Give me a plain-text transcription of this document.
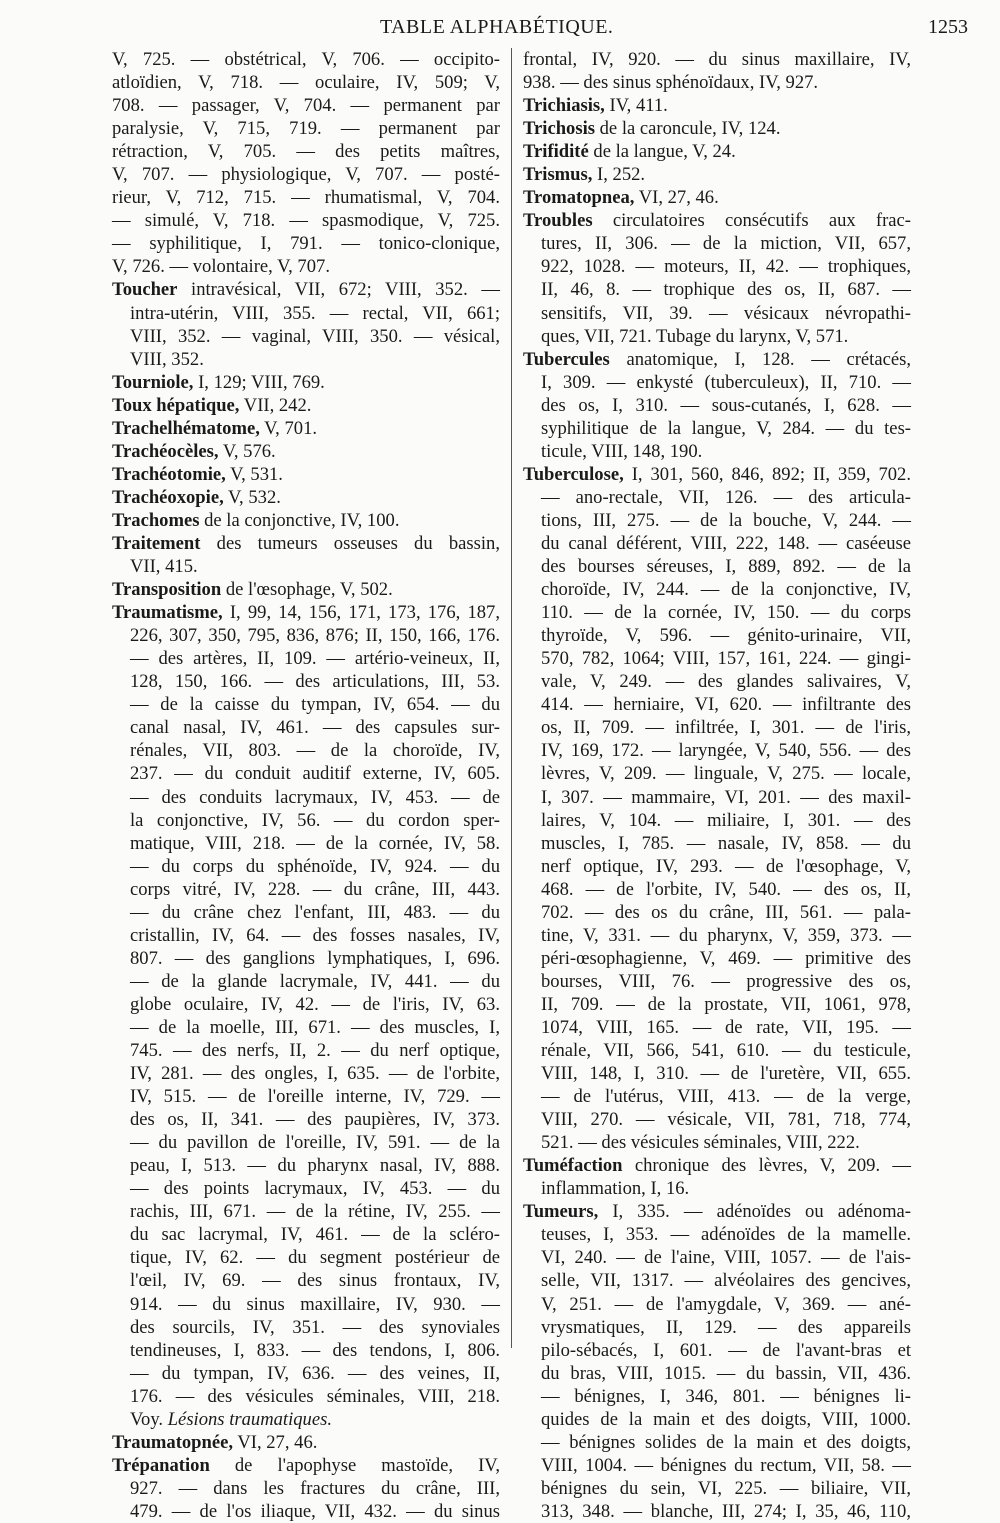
TABLE ALPHABÉTIQUE.	1253
V, 725. — obstétrical, V, 706. — occipito-
atloïdien, V, 718. — oculaire, IV, 509; V,
708. — passager, V, 704. — permanent par
paralysie, V, 715, 719. — permanent par
rétraction, V, 705. — des petits maîtres,
V, 707. — physiologique, V, 707. — posté-
rieur, V, 712, 715. — rhumatismal, V, 704.
— simulé, V, 718. — spasmodique, V, 725.
— syphilitique, I, 791. — tonico-clonique,
V, 726. — volontaire, V, 707.
Toucher intravésical, VII, 672; VIII, 352. —
intra-utérin, VIII, 355. — rectal, VII, 661;
VIII, 352. — vaginal, VIII, 350. — vésical,
VIII, 352.
Tourniole, I, 129; VIII, 769.
Toux hépatique, VII, 242.
Trachelhématome, V, 701.
Trachéocèles, V, 576.
Trachéotomie, V, 531.
Trachéoxopie, V, 532.
Trachomes de la conjonctive, IV, 100.
Traitement des tumeurs osseuses du bassin,
VII, 415.
Transposition de l'œsophage, V, 502.
Traumatisme, I, 99, 14, 156, 171, 173, 176, 187,
226, 307, 350, 795, 836, 876; II, 150, 166, 176.
— des artères, II, 109. — artério-veineux, II,
128, 150, 166. — des articulations, III, 53.
— de la caisse du tympan, IV, 654. — du
canal nasal, IV, 461. — des capsules sur-
rénales, VII, 803. — de la choroïde, IV,
237. — du conduit auditif externe, IV, 605.
— des conduits lacrymaux, IV, 453. — de
la conjonctive, IV, 56. — du cordon sper-
matique, VIII, 218. — de la cornée, IV, 58.
— du corps du sphénoïde, IV, 924. — du
corps vitré, IV, 228. — du crâne, III, 443.
— du crâne chez l'enfant, III, 483. — du
cristallin, IV, 64. — des fosses nasales, IV,
807. — des ganglions lymphatiques, I, 696.
— de la glande lacrymale, IV, 441. — du
globe oculaire, IV, 42. — de l'iris, IV, 63.
— de la moelle, III, 671. — des muscles, I,
745. — des nerfs, II, 2. — du nerf optique,
IV, 281. — des ongles, I, 635. — de l'orbite,
IV, 515. — de l'oreille interne, IV, 729. —
des os, II, 341. — des paupières, IV, 373.
— du pavillon de l'oreille, IV, 591. — de la
peau, I, 513. — du pharynx nasal, IV, 888.
— des points lacrymaux, IV, 453. — du
rachis, III, 671. — de la rétine, IV, 255. —
du sac lacrymal, IV, 461. — de la scléro-
tique, IV, 62. — du segment postérieur de
l'œil, IV, 69. — des sinus frontaux, IV,
914. — du sinus maxillaire, IV, 930. —
des sourcils, IV, 351. — des synoviales
tendineuses, I, 833. — des tendons, I, 806.
— du tympan, IV, 636. — des veines, II,
176. — des vésicules séminales, VIII, 218.
Voy. Lésions traumatiques.
Traumatopnée, VI, 27, 46.
Trépanation de l'apophyse mastoïde, IV,
927. — dans les fractures du crâne, III,
479. — de l'os iliaque, VII, 432. — du sinus
frontal, IV, 920. — du sinus maxillaire, IV,
938. — des sinus sphénoïdaux, IV, 927.
Trichiasis, IV, 411.
Trichosis de la caroncule, IV, 124.
Trifidité de la langue, V, 24.
Trismus, I, 252.
Tromatopnea, VI, 27, 46.
Troubles circulatoires consécutifs aux frac-
tures, II, 306. — de la miction, VII, 657,
922, 1028. — moteurs, II, 42. — trophiques,
II, 46, 8. — trophique des os, II, 687. —
sensitifs, VII, 39. — vésicaux névropathi-
ques, VII, 721. Tubage du larynx, V, 571.
Tubercules anatomique, I, 128. — crétacés,
I, 309. — enkysté (tuberculeux), II, 710. —
des os, I, 310. — sous-cutanés, I, 628. —
syphilitique de la langue, V, 284. — du tes-
ticule, VIII, 148, 190.
Tuberculose, I, 301, 560, 846, 892; II, 359, 702.
— ano-rectale, VII, 126. — des articula-
tions, III, 275. — de la bouche, V, 244. —
du canal déférent, VIII, 222, 148. — caséeuse
des bourses séreuses, I, 889, 892. — de la
choroïde, IV, 244. — de la conjonctive, IV,
110. — de la cornée, IV, 150. — du corps
thyroïde, V, 596. — génito-urinaire, VII,
570, 782, 1064; VIII, 157, 161, 224. — gingi-
vale, V, 249. — des glandes salivaires, V,
414. — herniaire, VI, 620. — infiltrante des
os, II, 709. — infiltrée, I, 301. — de l'iris,
IV, 169, 172. — laryngée, V, 540, 556. — des
lèvres, V, 209. — linguale, V, 275. — locale,
I, 307. — mammaire, VI, 201. — des maxil-
laires, V, 104. — miliaire, I, 301. — des
muscles, I, 785. — nasale, IV, 858. — du
nerf optique, IV, 293. — de l'œsophage, V,
468. — de l'orbite, IV, 540. — des os, II,
702. — des os du crâne, III, 561. — pala-
tine, V, 331. — du pharynx, V, 359, 373. —
péri-œsophagienne, V, 469. — primitive des
bourses, VIII, 76. — progressive des os,
II, 709. — de la prostate, VII, 1061, 978,
1074, VIII, 165. — de rate, VII, 195. —
rénale, VII, 566, 541, 610. — du testicule,
VIII, 148, I, 310. — de l'uretère, VII, 655.
— de l'utérus, VIII, 413. — de la verge,
VIII, 270. — vésicale, VII, 781, 718, 774,
521. — des vésicules séminales, VIII, 222.
Tuméfaction chronique des lèvres, V, 209. —
inflammation, I, 16.
Tumeurs, I, 335. — adénoïdes ou adénoma-
teuses, I, 353. — adénoïdes de la mamelle.
VI, 240. — de l'aine, VIII, 1057. — de l'ais-
selle, VII, 1317. — alvéolaires des gencives,
V, 251. — de l'amygdale, V, 369. — ané-
vrysmatiques, II, 129. — des appareils
pilo-sébacés, I, 601. — de l'avant-bras et
du bras, VIII, 1015. — du bassin, VII, 436.
— bénignes, I, 346, 801. — bénignes li-
quides de la main et des doigts, VIII, 1000.
— bénignes solides de la main et des doigts,
VIII, 1004. — bénignes du rectum, VII, 58. —
bénignes du sein, VI, 225. — biliaire, VII,
313, 348. — blanche, III, 274; I, 35, 46, 110,
